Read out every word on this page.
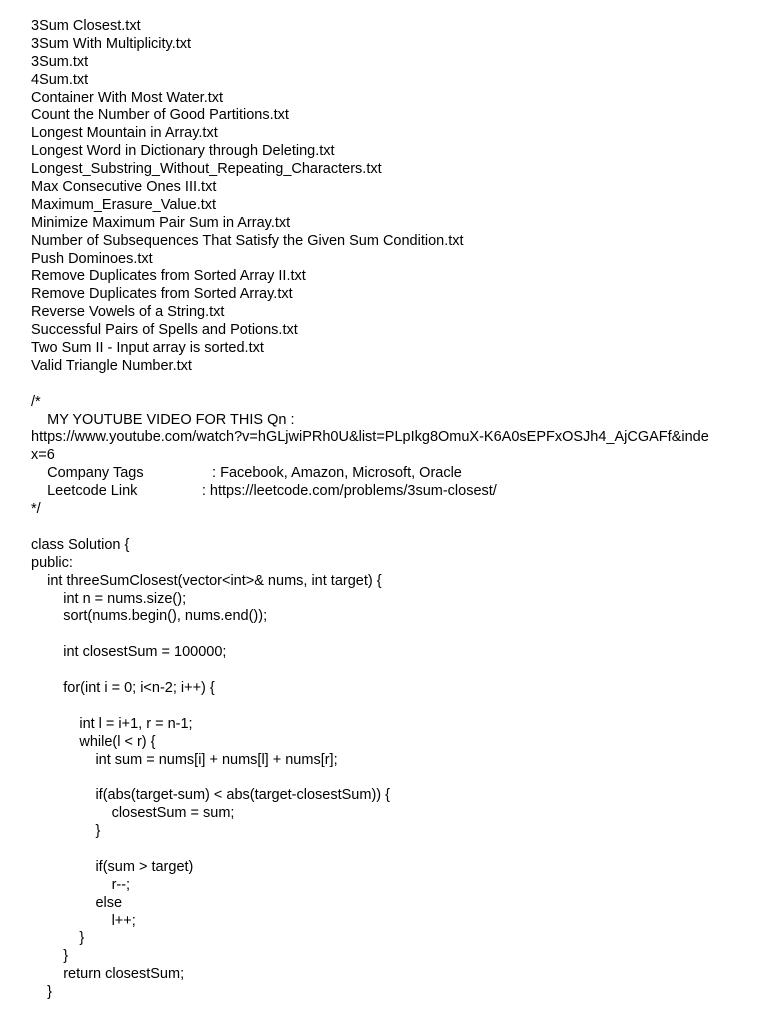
3Sum Closest.txt
3Sum With Multiplicity.txt
3Sum.txt
4Sum.txt
Container With Most Water.txt
Count the Number of Good Partitions.txt
Longest Mountain in Array.txt
Longest Word in Dictionary through Deleting.txt
Longest_Substring_Without_Repeating_Characters.txt
Max Consecutive Ones III.txt
Maximum_Erasure_Value.txt
Minimize Maximum Pair Sum in Array.txt
Number of Subsequences That Satisfy the Given Sum Condition.txt
Push Dominoes.txt
Remove Duplicates from Sorted Array II.txt
Remove Duplicates from Sorted Array.txt
Reverse Vowels of a String.txt
Successful Pairs of Spells and Potions.txt
Two Sum II - Input array is sorted.txt
Valid Triangle Number.txt
/*
MY YOUTUBE VIDEO FOR THIS Qn :
https://www.youtube.com/watch?v=hGLjwiPRh0U&list=PLpIkg8OmuX-K6A0sEPFxOSJh4_AjCGAFf&inde
x=6
Company Tags                 : Facebook, Amazon, Microsoft, Oracle
Leetcode Link                : https://leetcode.com/problems/3sum-closest/
*/
class Solution {
public:
int threeSumClosest(vector<int>& nums, int target) {
int n = nums.size();
sort(nums.begin(), nums.end());
int closestSum = 100000;
for(int i = 0; i<n-2; i++) {
int l = i+1, r = n-1;
while(l < r) {
int sum = nums[i] + nums[l] + nums[r];
if(abs(target-sum) < abs(target-closestSum)) {
closestSum = sum;
}
if(sum > target)
r--;
else
l++;
}
}
return closestSum;
}
